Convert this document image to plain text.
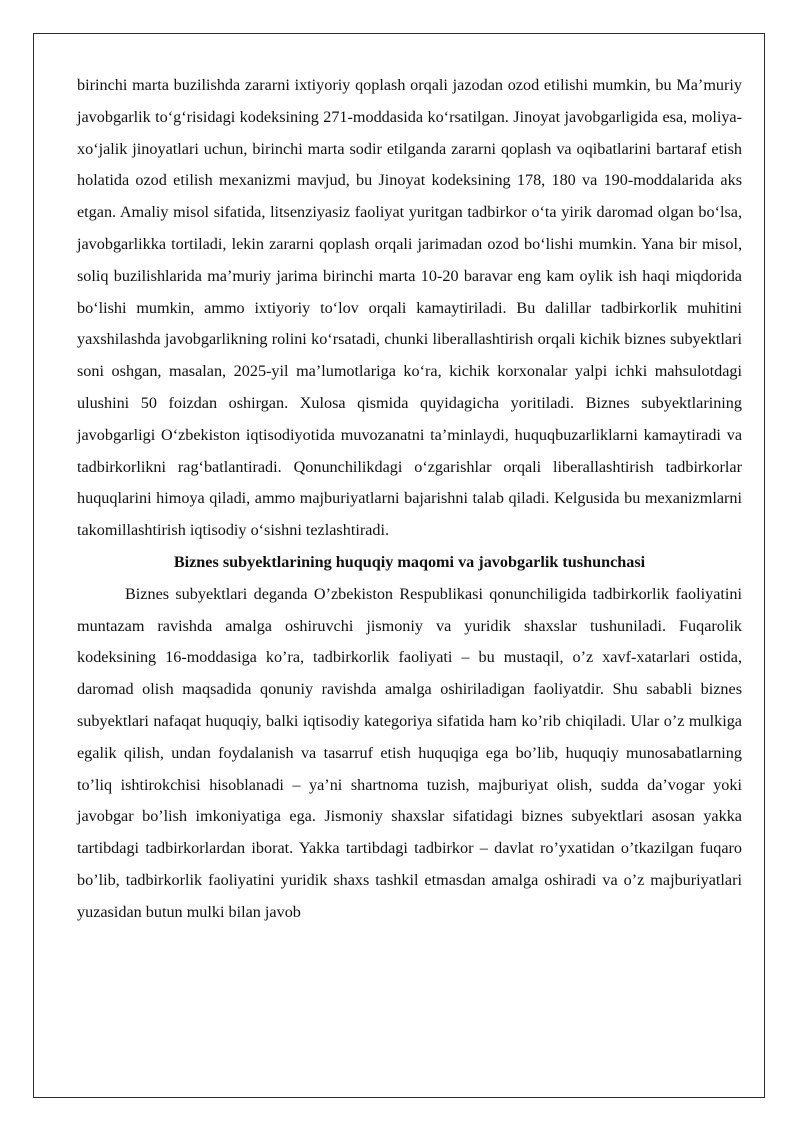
birinchi marta buzilishda zararni ixtiyoriy qoplash orqali jazodan ozod etilishi mumkin, bu Ma’muriy javobgarlik to‘g‘risidagi kodeksining 271-moddasida ko‘rsatilgan. Jinoyat javobgarligida esa, moliya-xo‘jalik jinoyatlari uchun, birinchi marta sodir etilganda zararni qoplash va oqibatlarini bartaraf etish holatida ozod etilish mexanizmi mavjud, bu Jinoyat kodeksining 178, 180 va 190-moddalarida aks etgan. Amaliy misol sifatida, litsenziyasiz faoliyat yuritgan tadbirkor o‘ta yirik daromad olgan bo‘lsa, javobgarlikka tortiladi, lekin zararni qoplash orqali jarimadan ozod bo‘lishi mumkin. Yana bir misol, soliq buzilishlarida ma’muriy jarima birinchi marta 10-20 baravar eng kam oylik ish haqi miqdorida bo‘lishi mumkin, ammo ixtiyoriy to‘lov orqali kamaytiriladi. Bu dalillar tadbirkorlik muhitini yaxshilashda javobgarlikning rolini ko‘rsatadi, chunki liberallashtirish orqali kichik biznes subyektlari soni oshgan, masalan, 2025-yil ma’lumotlariga ko‘ra, kichik korxonalar yalpi ichki mahsulotdagi ulushini 50 foizdan oshirgan. Xulosa qismida quyidagicha yoritiladi. Biznes subyektlarining javobgarligi O‘zbekiston iqtisodiyotida muvozanatni ta’minlaydi, huquqbuzarliklarni kamaytiradi va tadbirkorlikni rag‘batlantiradi. Qonunchilikdagi o‘zgarishlar orqali liberallashtirish tadbirkorlar huquqlarini himoya qiladi, ammo majburiyatlarni bajarishni talab qiladi. Kelgusida bu mexanizmlarni takomillashtirish iqtisodiy o‘sishni tezlashtiradi.

Biznes subyektlarining huquqiy maqomi va javobgarlik tushunchasi

Biznes subyektlari deganda O’zbekiston Respublikasi qonunchiligida tadbirkorlik faoliyatini muntazam ravishda amalga oshiruvchi jismoniy va yuridik shaxslar tushuniladi. Fuqarolik kodeksining 16-moddasiga ko’ra, tadbirkorlik faoliyati – bu mustaqil, o’z xavf-xatarlari ostida, daromad olish maqsadida qonuniy ravishda amalga oshiriladigan faoliyatdir. Shu sababli biznes subyektlari nafaqat huquqiy, balki iqtisodiy kategoriya sifatida ham ko’rib chiqiladi. Ular o’z mulkiga egalik qilish, undan foydalanish va tasarruf etish huquqiga ega bo’lib, huquqiy munosabatlarning to’liq ishtirokchisi hisoblanadi – ya’ni shartnoma tuzish, majburiyat olish, sudda da’vogar yoki javobgar bo’lish imkoniyatiga ega. Jismoniy shaxslar sifatidagi biznes subyektlari asosan yakka tartibdagi tadbirkorlardan iborat. Yakka tartibdagi tadbirkor – davlat ro’yxatidan o’tkazilgan fuqaro bo’lib, tadbirkorlik faoliyatini yuridik shaxs tashkil etmasdan amalga oshiradi va o’z majburiyatlari yuzasidan butun mulki bilan javob
